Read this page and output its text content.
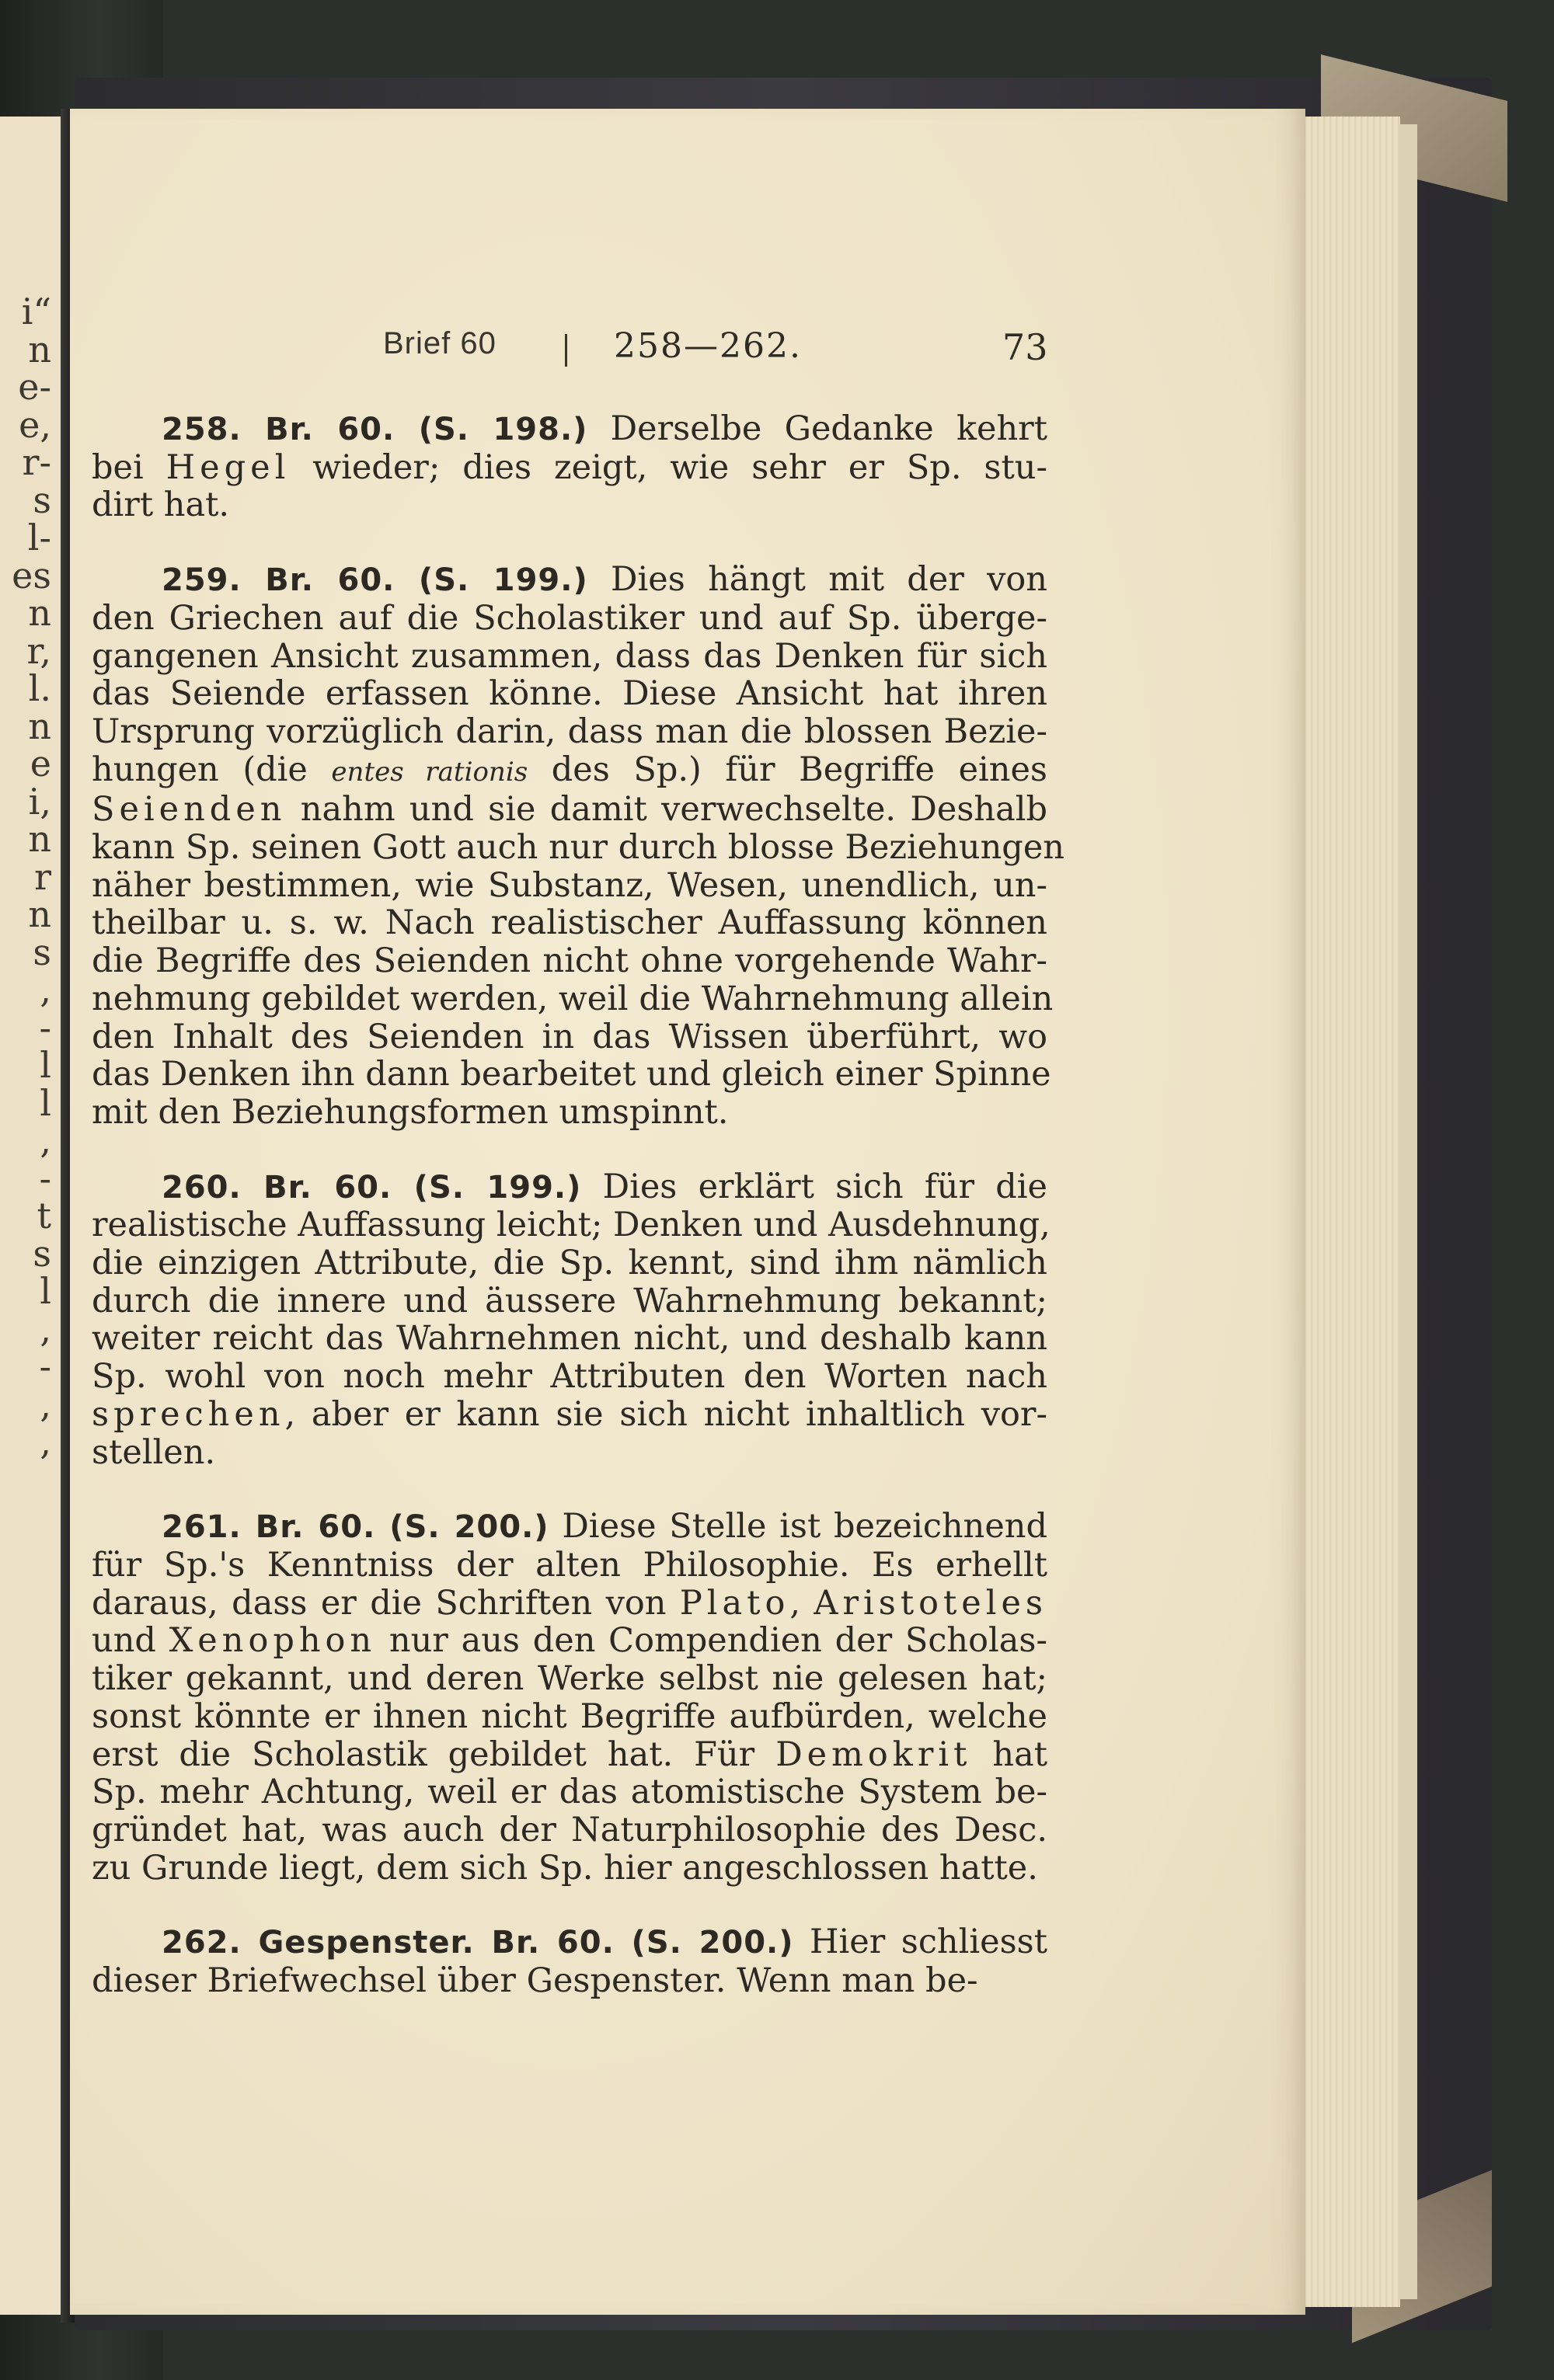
i“
n
e-
e,
r-
s
l-
es
n
r,
l.
n
e
i,
n
r
n
s
,
-
l
l
,
-
t
s
l
,
-
,
,
Brief 60	258—262.	73
258. Br. 60. (S. 198.) Derselbe Gedanke kehrt
bei Hegel wieder; dies zeigt, wie sehr er Sp. stu-
dirt hat.
259. Br. 60. (S. 199.) Dies hängt mit der von
den Griechen auf die Scholastiker und auf Sp. überge-
gangenen Ansicht zusammen, dass das Denken für sich
das Seiende erfassen könne. Diese Ansicht hat ihren
Ursprung vorzüglich darin, dass man die blossen Bezie-
hungen (die entes rationis des Sp.) für Begriffe eines
Seienden nahm und sie damit verwechselte. Deshalb
kann Sp. seinen Gott auch nur durch blosse Beziehungen
näher bestimmen, wie Substanz, Wesen, unendlich, un-
theilbar u. s. w. Nach realistischer Auffassung können
die Begriffe des Seienden nicht ohne vorgehende Wahr-
nehmung gebildet werden, weil die Wahrnehmung allein
den Inhalt des Seienden in das Wissen überführt, wo
das Denken ihn dann bearbeitet und gleich einer Spinne
mit den Beziehungsformen umspinnt.
260. Br. 60. (S. 199.) Dies erklärt sich für die
realistische Auffassung leicht; Denken und Ausdehnung,
die einzigen Attribute, die Sp. kennt, sind ihm nämlich
durch die innere und äussere Wahrnehmung bekannt;
weiter reicht das Wahrnehmen nicht, und deshalb kann
Sp. wohl von noch mehr Attributen den Worten nach
sprechen, aber er kann sie sich nicht inhaltlich vor-
stellen.
261. Br. 60. (S. 200.) Diese Stelle ist bezeichnend
für Sp.'s Kenntniss der alten Philosophie. Es erhellt
daraus, dass er die Schriften von Plato, Aristoteles
und Xenophon nur aus den Compendien der Scholas-
tiker gekannt, und deren Werke selbst nie gelesen hat;
sonst könnte er ihnen nicht Begriffe aufbürden, welche
erst die Scholastik gebildet hat. Für Demokrit hat
Sp. mehr Achtung, weil er das atomistische System be-
gründet hat, was auch der Naturphilosophie des Desc.
zu Grunde liegt, dem sich Sp. hier angeschlossen hatte.
262. Gespenster. Br. 60. (S. 200.) Hier schliesst
dieser Briefwechsel über Gespenster. Wenn man be-
